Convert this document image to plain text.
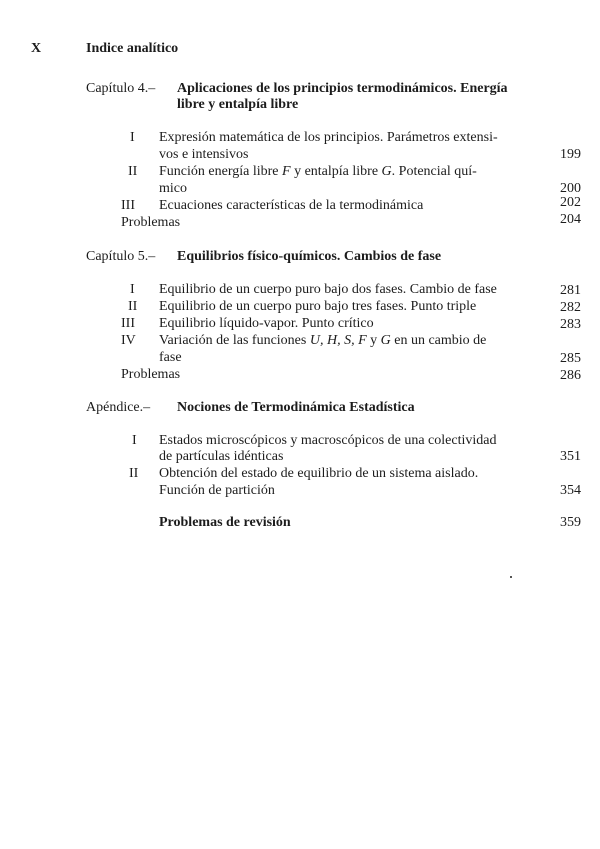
X	Indice analítico
Capítulo 4.– Aplicaciones de los principios termodinámicos. Energía
libre y entalpía libre
I Expresión matemática de los principios. Parámetros extensi-
vos e intensivos	199
II Función energía libre F y entalpía libre G. Potencial quí-
mico	200
III Ecuaciones características de la termodinámica	202
Problemas	204
Capítulo 5.– Equilibrios físico-químicos. Cambios de fase
I Equilibrio de un cuerpo puro bajo dos fases. Cambio de fase	281
II Equilibrio de un cuerpo puro bajo tres fases. Punto triple	282
III Equilibrio líquido-vapor. Punto crítico	283
IV Variación de las funciones U, H, S, F y G en un cambio de
fase	285
Problemas	286
Apéndice.– Nociones de Termodinámica Estadística
I Estados microscópicos y macroscópicos de una colectividad
de partículas idénticas	351
II Obtención del estado de equilibrio de un sistema aislado.
Función de partición	354
Problemas de revisión	359
